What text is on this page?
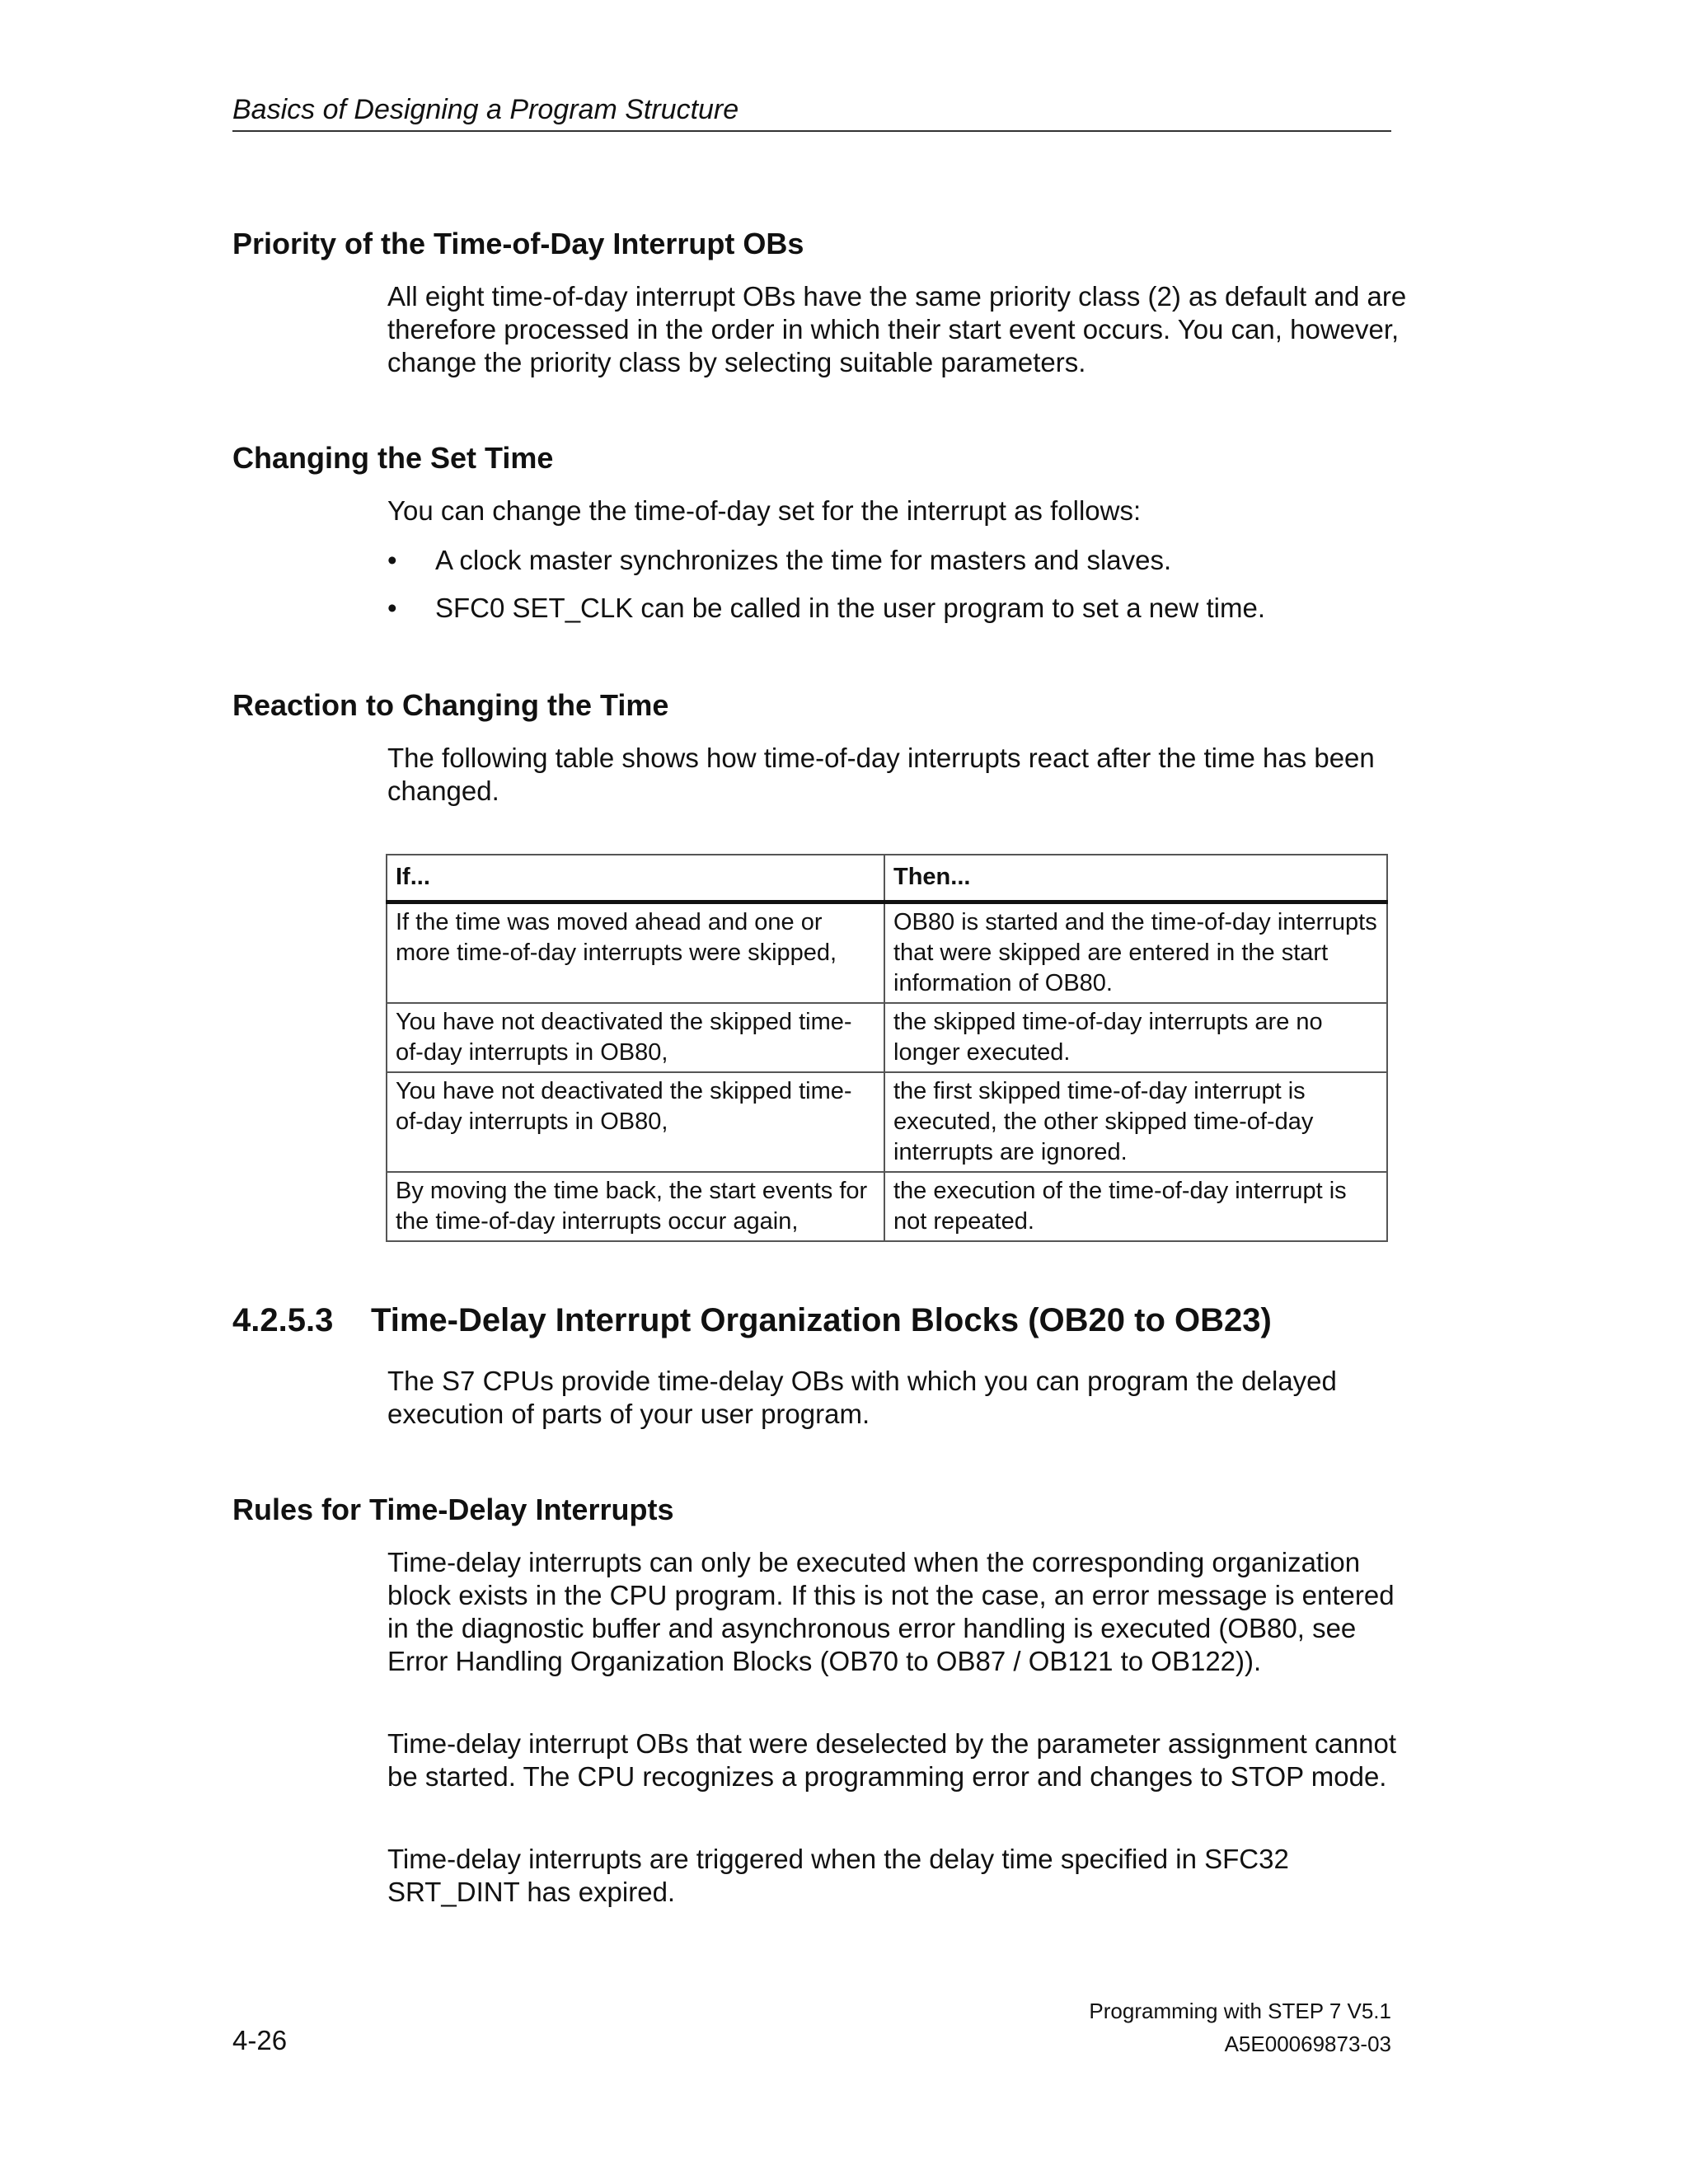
Basics of Designing a Program Structure
Priority of the Time-of-Day Interrupt OBs

All eight time-of-day interrupt OBs have the same priority class (2) as default and are therefore processed in the order in which their start event occurs. You can, however, change the priority class by selecting suitable parameters.

Changing the Set Time

You can change the time-of-day set for the interrupt as follows:

• A clock master synchronizes the time for masters and slaves.
• SFC0 SET_CLK can be called in the user program to set a new time.
Reaction to Changing the Time

The following table shows how time-of-day interrupts react after the time has been changed.

If...	Then...
If the time was moved ahead and one or more time-of-day interrupts were skipped,	OB80 is started and the time-of-day interrupts that were skipped are entered in the start information of OB80.
You have not deactivated the skipped time-of-day interrupts in OB80,	the skipped time-of-day interrupts are no longer executed.
You have not deactivated the skipped time-of-day interrupts in OB80,	the first skipped time-of-day interrupt is executed, the other skipped time-of-day interrupts are ignored.
By moving the time back, the start events for the time-of-day interrupts occur again,	the execution of the time-of-day interrupt is not repeated.
4.2.5.3 Time-Delay Interrupt Organization Blocks (OB20 to OB23)

The S7 CPUs provide time-delay OBs with which you can program the delayed execution of parts of your user program.

Rules for Time-Delay Interrupts

Time-delay interrupts can only be executed when the corresponding organization block exists in the CPU program. If this is not the case, an error message is entered in the diagnostic buffer and asynchronous error handling is executed (OB80, see Error Handling Organization Blocks (OB70 to OB87 / OB121 to OB122)).

Time-delay interrupt OBs that were deselected by the parameter assignment cannot be started. The CPU recognizes a programming error and changes to STOP mode.

Time-delay interrupts are triggered when the delay time specified in SFC32 SRT_DINT has expired.

4-26
Programming with STEP 7 V5.1
A5E00069873-03
